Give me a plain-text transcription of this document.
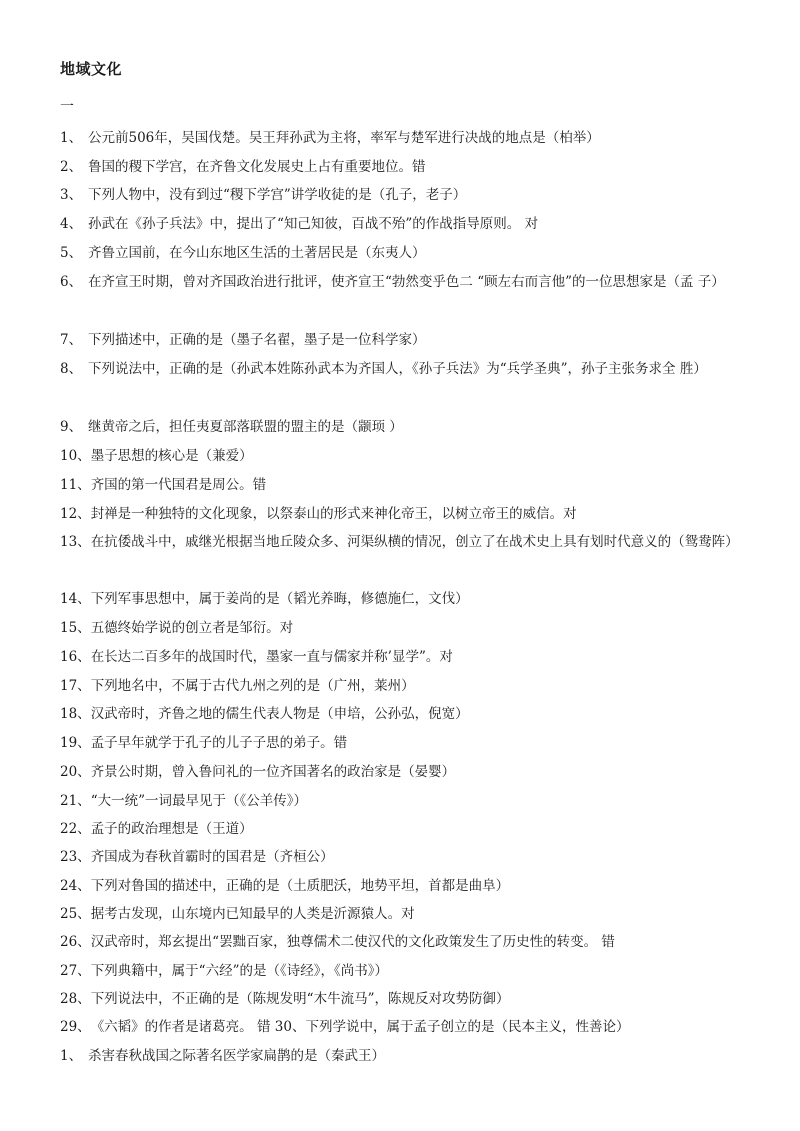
地域文化
一
1、 公元前506年，吴国伐楚。吴王拜孙武为主将，率军与楚军进行决战的地点是（柏举）
2、 鲁国的稷下学宫，在齐鲁文化发展史上占有重要地位。错
3、 下列人物中，没有到过“稷下学宫”讲学收徒的是（孔子，老子）
4、 孙武在《孙子兵法》中，提出了“知己知彼，百战不殆”的作战指导原则。 对
5、 齐鲁立国前，在今山东地区生活的土著居民是（东夷人）
6、 在齐宣王时期，曾对齐国政治进行批评，使齐宣王“勃然变乎色二 “顾左右而言他”的一位思想家是（孟 子）
7、 下列描述中，正确的是（墨子名翟，墨子是一位科学家）
8、 下列说法中，正确的是（孙武本姓陈孙武本为齐国人，《孙子兵法》为“兵学圣典”，孙子主张务求全 胜）
9、 继黄帝之后，担任夷夏部落联盟的盟主的是（颛顼 ）
10、墨子思想的核心是（兼爱）
11、齐国的第一代国君是周公。错
12、封禅是一种独特的文化现象，以祭泰山的形式来神化帝王，以树立帝王的威信。对
13、在抗倭战斗中，戚继光根据当地丘陵众多、河渠纵横的情况，创立了在战术史上具有划时代意义的（鸳鸯阵）
14、下列军事思想中，属于姜尚的是（韬光养晦，修德施仁，文伐）
15、五德终始学说的创立者是邹衍。对
16、在长达二百多年的战国时代，墨家一直与儒家并称’显学”。对
17、下列地名中，不属于古代九州之列的是（广州，莱州）
18、汉武帝时，齐鲁之地的儒生代表人物是（申培，公孙弘，倪宽）
19、孟子早年就学于孔子的儿子子思的弟子。错
20、齐景公时期，曾入鲁问礼的一位齐国著名的政治家是（晏婴）
21、“大一统”一词最早见于（《公羊传》）
22、孟子的政治理想是（王道）
23、齐国成为春秋首霸时的国君是（齐桓公）
24、下列对鲁国的描述中，正确的是（土质肥沃，地势平坦，首都是曲阜）
25、据考古发现，山东境内已知最早的人类是沂源猿人。对
26、汉武帝时，郑玄提出“罢黜百家，独尊儒术二使汉代的文化政策发生了历史性的转变。 错
27、下列典籍中，属于“六经”的是（《诗经》，《尚书》）
28、下列说法中，不正确的是（陈规发明“木牛流马”，陈规反对攻势防御）
29、《六韬》的作者是诸葛亮。 错 30、下列学说中，属于孟子创立的是（民本主义，性善论）
1、 杀害春秋战国之际著名医学家扁鹊的是（秦武王）
